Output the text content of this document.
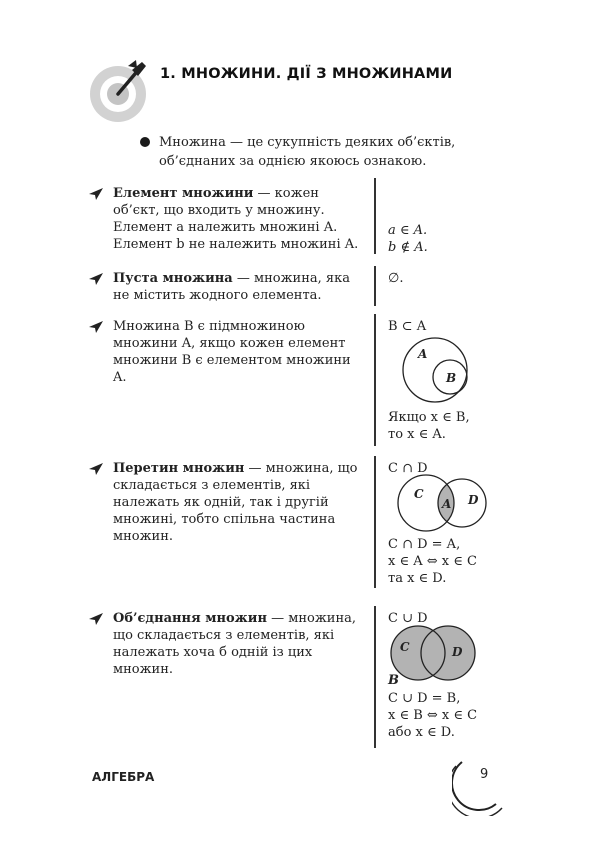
1. МНОЖИНИ. ДІЇ З МНОЖИНАМИ
Множина — це сукупність деяких об’єктів, об’єднаних за однією якоюсь ознакою.

Елемент множини — кожен об’єкт, що входить у множину.

Елемент a належить множині A.

Елемент b не належить множині A.

a ∈ A.

b ∉ A.

Пуста множина — множина, яка не містить жодного елемента.

∅.

Множина B є підмножиною множини A, якщо кожен елемент множини B є елементом множини A.

B ⊂ A
A
B

Якщо x ∈ B,

то x ∈ A.

Перетин множин — множина, що складається з елементів, які належать як одній, так і другій множині, тобто спільна частина множин.

C ∩ D
C
A D

C ∩ D = A,

x ∈ A ⇔ x ∈ C

та x ∈ D.

Об’єднання множин — множина, що складається з елементів, які належать хоча б одній із цих множин.

C ∪ D
C	D
B

C ∪ D = B,

x ∈ B ⇔ x ∈ C

або x ∈ D.

АЛГЕБРА	9
